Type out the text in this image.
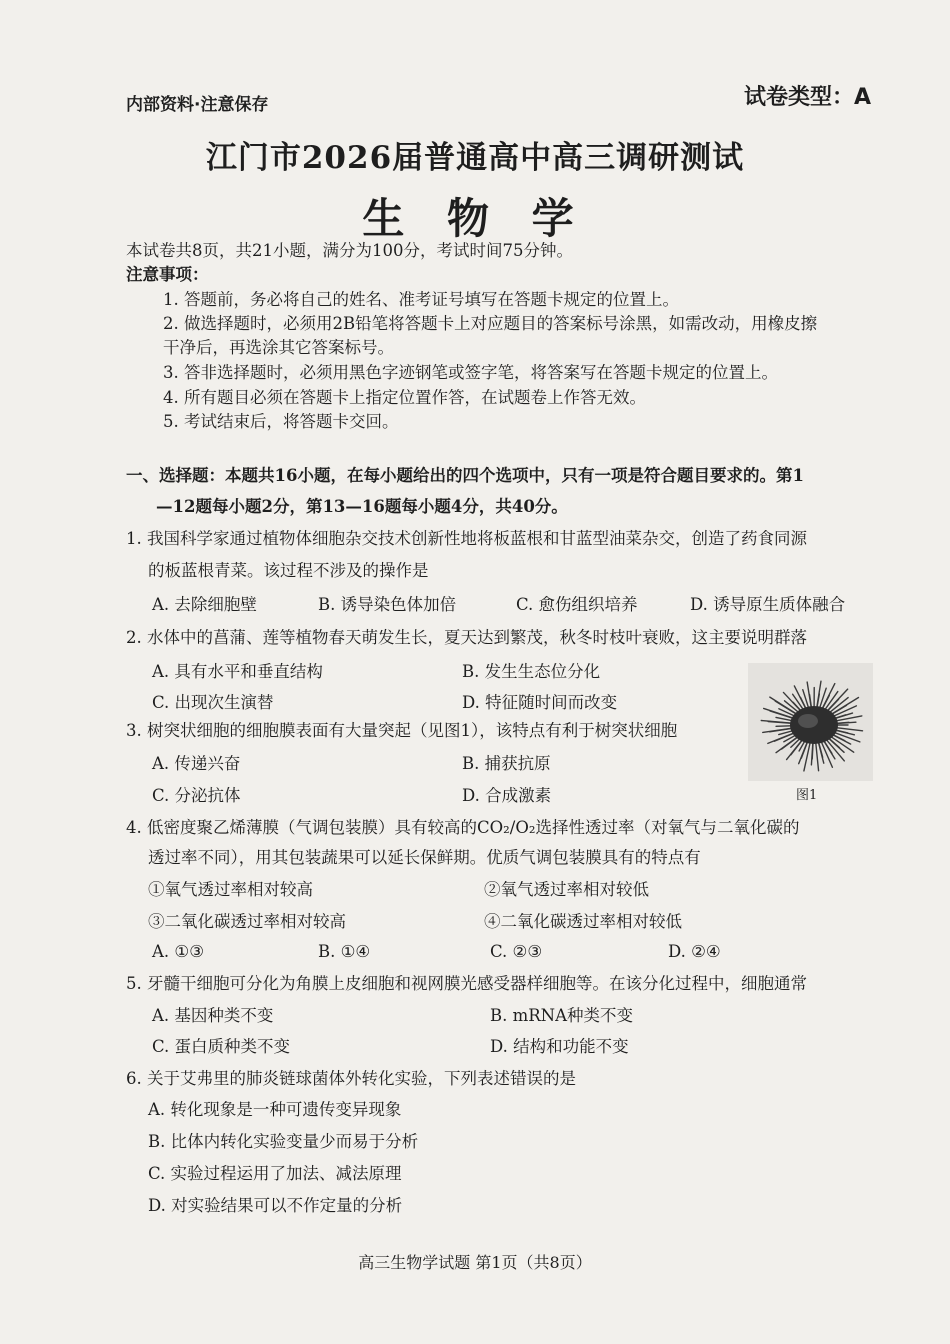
内部资料·注意保存	试卷类型：A
江门市2026届普通高中高三调研测试
生 物 学
本试卷共8页，共21小题，满分为100分，考试时间75分钟。
注意事项：
1. 答题前，务必将自己的姓名、准考证号填写在答题卡规定的位置上。
2. 做选择题时，必须用2B铅笔将答题卡上对应题目的答案标号涂黑，如需改动，用橡皮擦
干净后，再选涂其它答案标号。
3. 答非选择题时，必须用黑色字迹钢笔或签字笔，将答案写在答题卡规定的位置上。
4. 所有题目必须在答题卡上指定位置作答，在试题卷上作答无效。
5. 考试结束后，将答题卡交回。
一、选择题：本题共16小题，在每小题给出的四个选项中，只有一项是符合题目要求的。第1
—12题每小题2分，第13—16题每小题4分，共40分。
1. 我国科学家通过植物体细胞杂交技术创新性地将板蓝根和甘蓝型油菜杂交，创造了药食同源
的板蓝根青菜。该过程不涉及的操作是
A. 去除细胞壁	B. 诱导染色体加倍	C. 愈伤组织培养	D. 诱导原生质体融合
2. 水体中的菖蒲、莲等植物春天萌发生长，夏天达到繁茂，秋冬时枝叶衰败，这主要说明群落
A. 具有水平和垂直结构	B. 发生生态位分化
C. 出现次生演替	D. 特征随时间而改变
3. 树突状细胞的细胞膜表面有大量突起（见图1），该特点有利于树突状细胞
A. 传递兴奋	B. 捕获抗原
C. 分泌抗体	D. 合成激素	图1
4. 低密度聚乙烯薄膜（气调包装膜）具有较高的CO₂/O₂选择性透过率（对氧气与二氧化碳的
透过率不同），用其包装蔬果可以延长保鲜期。优质气调包装膜具有的特点有
①氧气透过率相对较高	②氧气透过率相对较低
③二氧化碳透过率相对较高	④二氧化碳透过率相对较低
A. ①③	B. ①④	C. ②③	D. ②④
5. 牙髓干细胞可分化为角膜上皮细胞和视网膜光感受器样细胞等。在该分化过程中，细胞通常
A. 基因种类不变	B. mRNA种类不变
C. 蛋白质种类不变	D. 结构和功能不变
6. 关于艾弗里的肺炎链球菌体外转化实验，下列表述错误的是
A. 转化现象是一种可遗传变异现象
B. 比体内转化实验变量少而易于分析
C. 实验过程运用了加法、减法原理
D. 对实验结果可以不作定量的分析
高三生物学试题 第1页（共8页）
